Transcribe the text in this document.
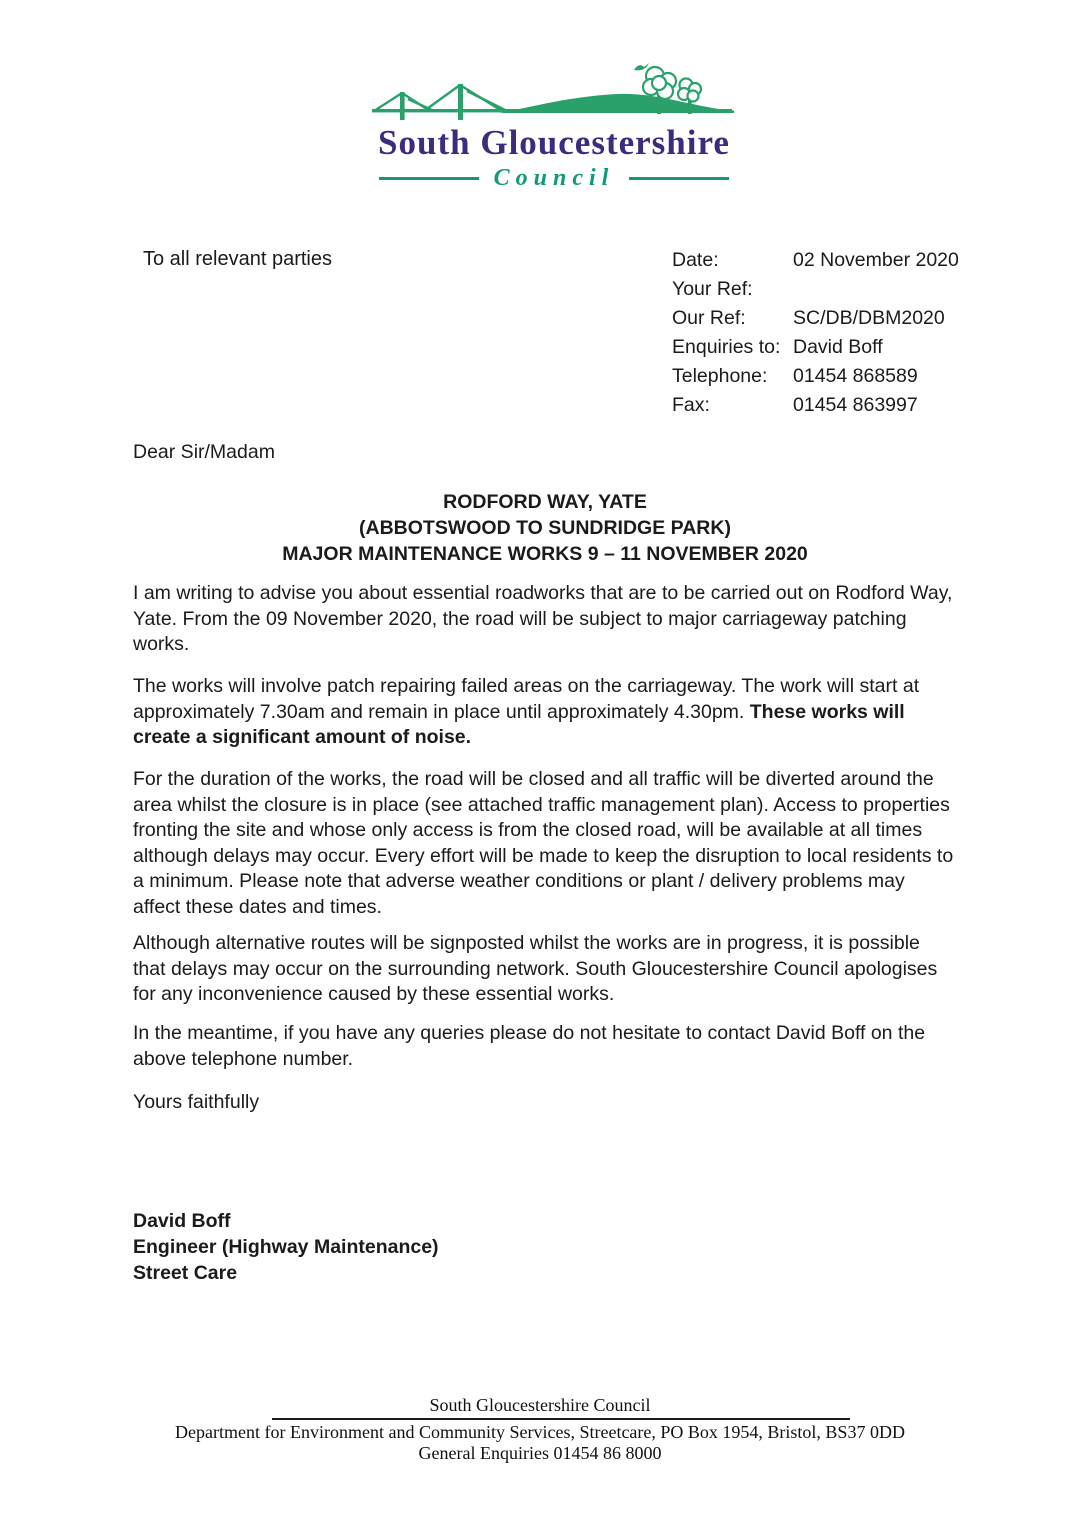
South Gloucestershire
Council
To all relevant parties	Date:	02 November 2020
Your Ref:
Our Ref:	SC/DB/DBM2020
Enquiries to: David Boff
Telephone:	01454 868589
Fax:	01454 863997
Dear Sir/Madam
RODFORD WAY, YATE
(ABBOTSWOOD TO SUNDRIDGE PARK)
MAJOR MAINTENANCE WORKS 9 – 11 NOVEMBER 2020
I am writing to advise you about essential roadworks that are to be carried out on Rodford Way, Yate. From the 09 November 2020, the road will be subject to major carriageway patching works.
The works will involve patch repairing failed areas on the carriageway. The work will start at approximately 7.30am and remain in place until approximately 4.30pm. These works will create a significant amount of noise.
For the duration of the works, the road will be closed and all traffic will be diverted around the area whilst the closure is in place (see attached traffic management plan). Access to properties fronting the site and whose only access is from the closed road, will be available at all times although delays may occur. Every effort will be made to keep the disruption to local residents to a minimum. Please note that adverse weather conditions or plant / delivery problems may affect these dates and times.
Although alternative routes will be signposted whilst the works are in progress, it is possible that delays may occur on the surrounding network. South Gloucestershire Council apologises for any inconvenience caused by these essential works.
In the meantime, if you have any queries please do not hesitate to contact David Boff on the above telephone number.
Yours faithfully
David Boff
Engineer (Highway Maintenance)
Street Care
South Gloucestershire Council
Department for Environment and Community Services, Streetcare, PO Box 1954, Bristol, BS37 0DD
General Enquiries 01454 86 8000
